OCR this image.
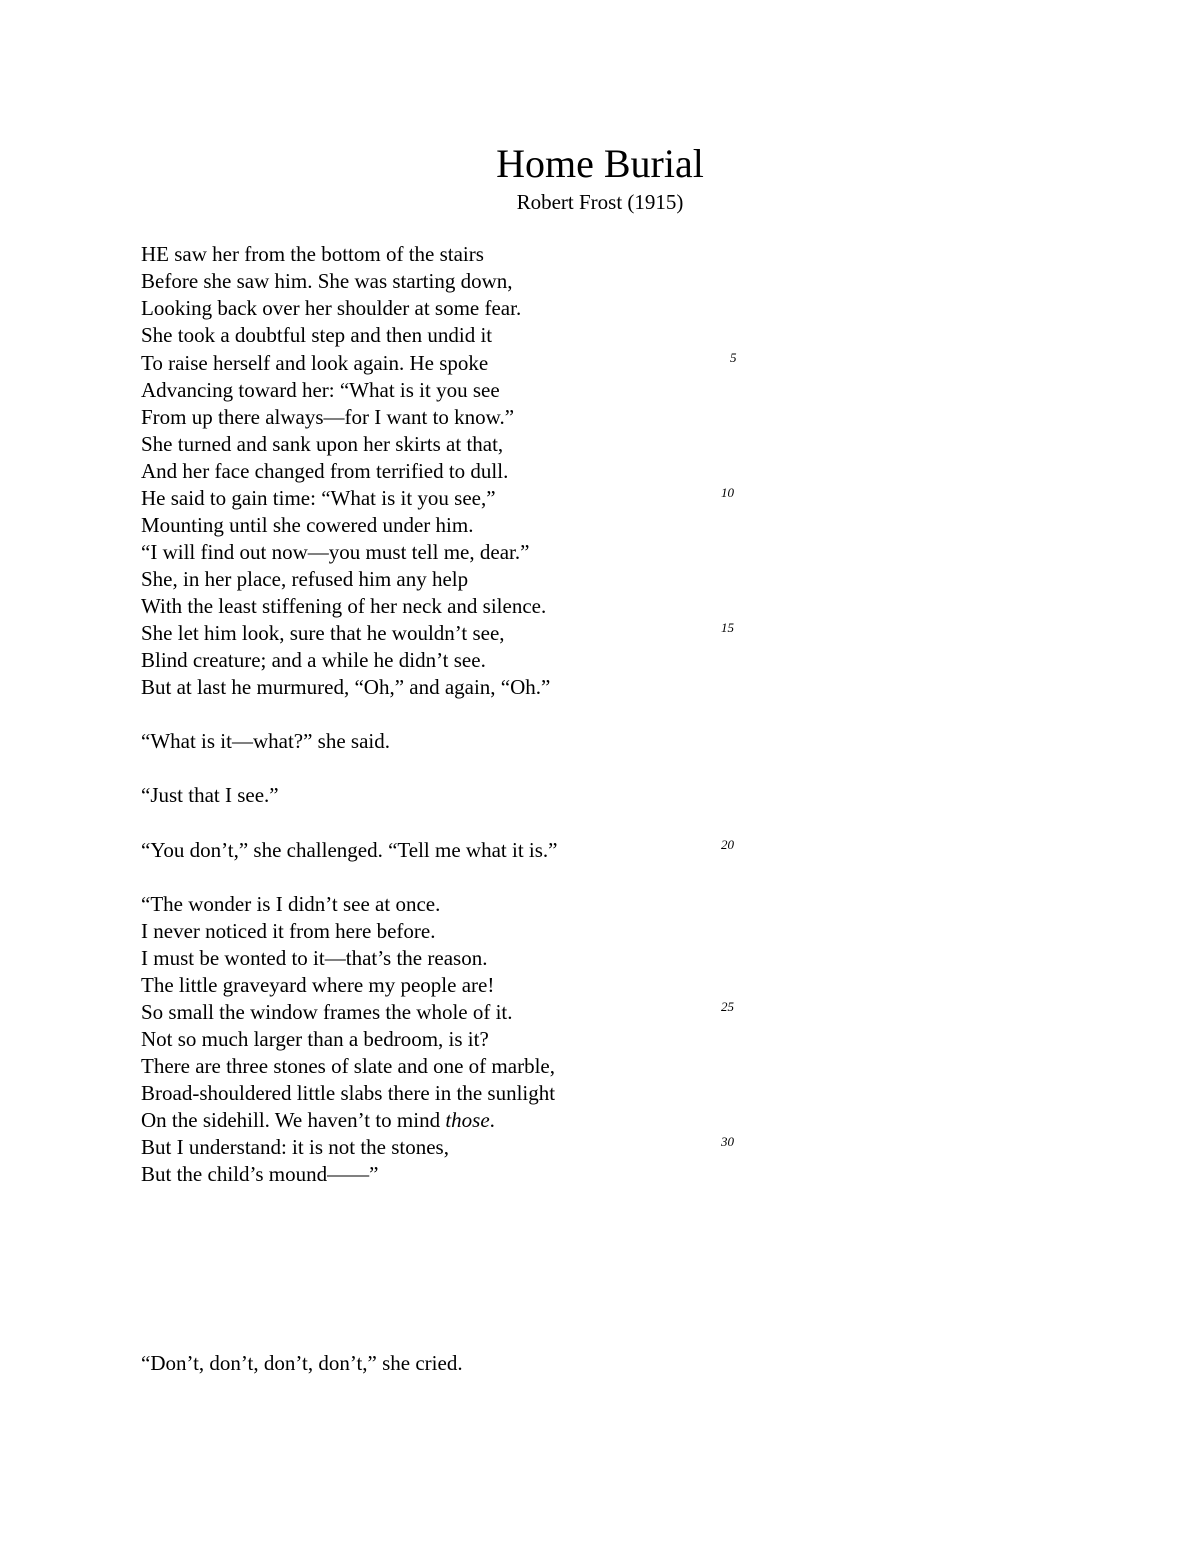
Home Burial
Robert Frost (1915)
HE saw her from the bottom of the stairs
Before she saw him. She was starting down,
Looking back over her shoulder at some fear.
She took a doubtful step and then undid it
To raise herself and look again. He spoke
Advancing toward her: “What is it you see
From up there always—for I want to know.”
She turned and sank upon her skirts at that,
And her face changed from terrified to dull.
He said to gain time: “What is it you see,”
Mounting until she cowered under him.
“I will find out now—you must tell me, dear.”
She, in her place, refused him any help
With the least stiffening of her neck and silence.
She let him look, sure that he wouldn’t see,
Blind creature; and a while he didn’t see.
But at last he murmured, “Oh,” and again, “Oh.”
“What is it—what?” she said.
“Just that I see.”
“You don’t,” she challenged. “Tell me what it is.”
“The wonder is I didn’t see at once.
I never noticed it from here before.
I must be wonted to it—that’s the reason.
The little graveyard where my people are!
So small the window frames the whole of it.
Not so much larger than a bedroom, is it?
There are three stones of slate and one of marble,
Broad-shouldered little slabs there in the sunlight
On the sidehill. We haven’t to mind those.
But I understand: it is not the stones,
But the child’s mound——”
“Don’t, don’t, don’t, don’t,” she cried.
5
10
15
20
25
30
